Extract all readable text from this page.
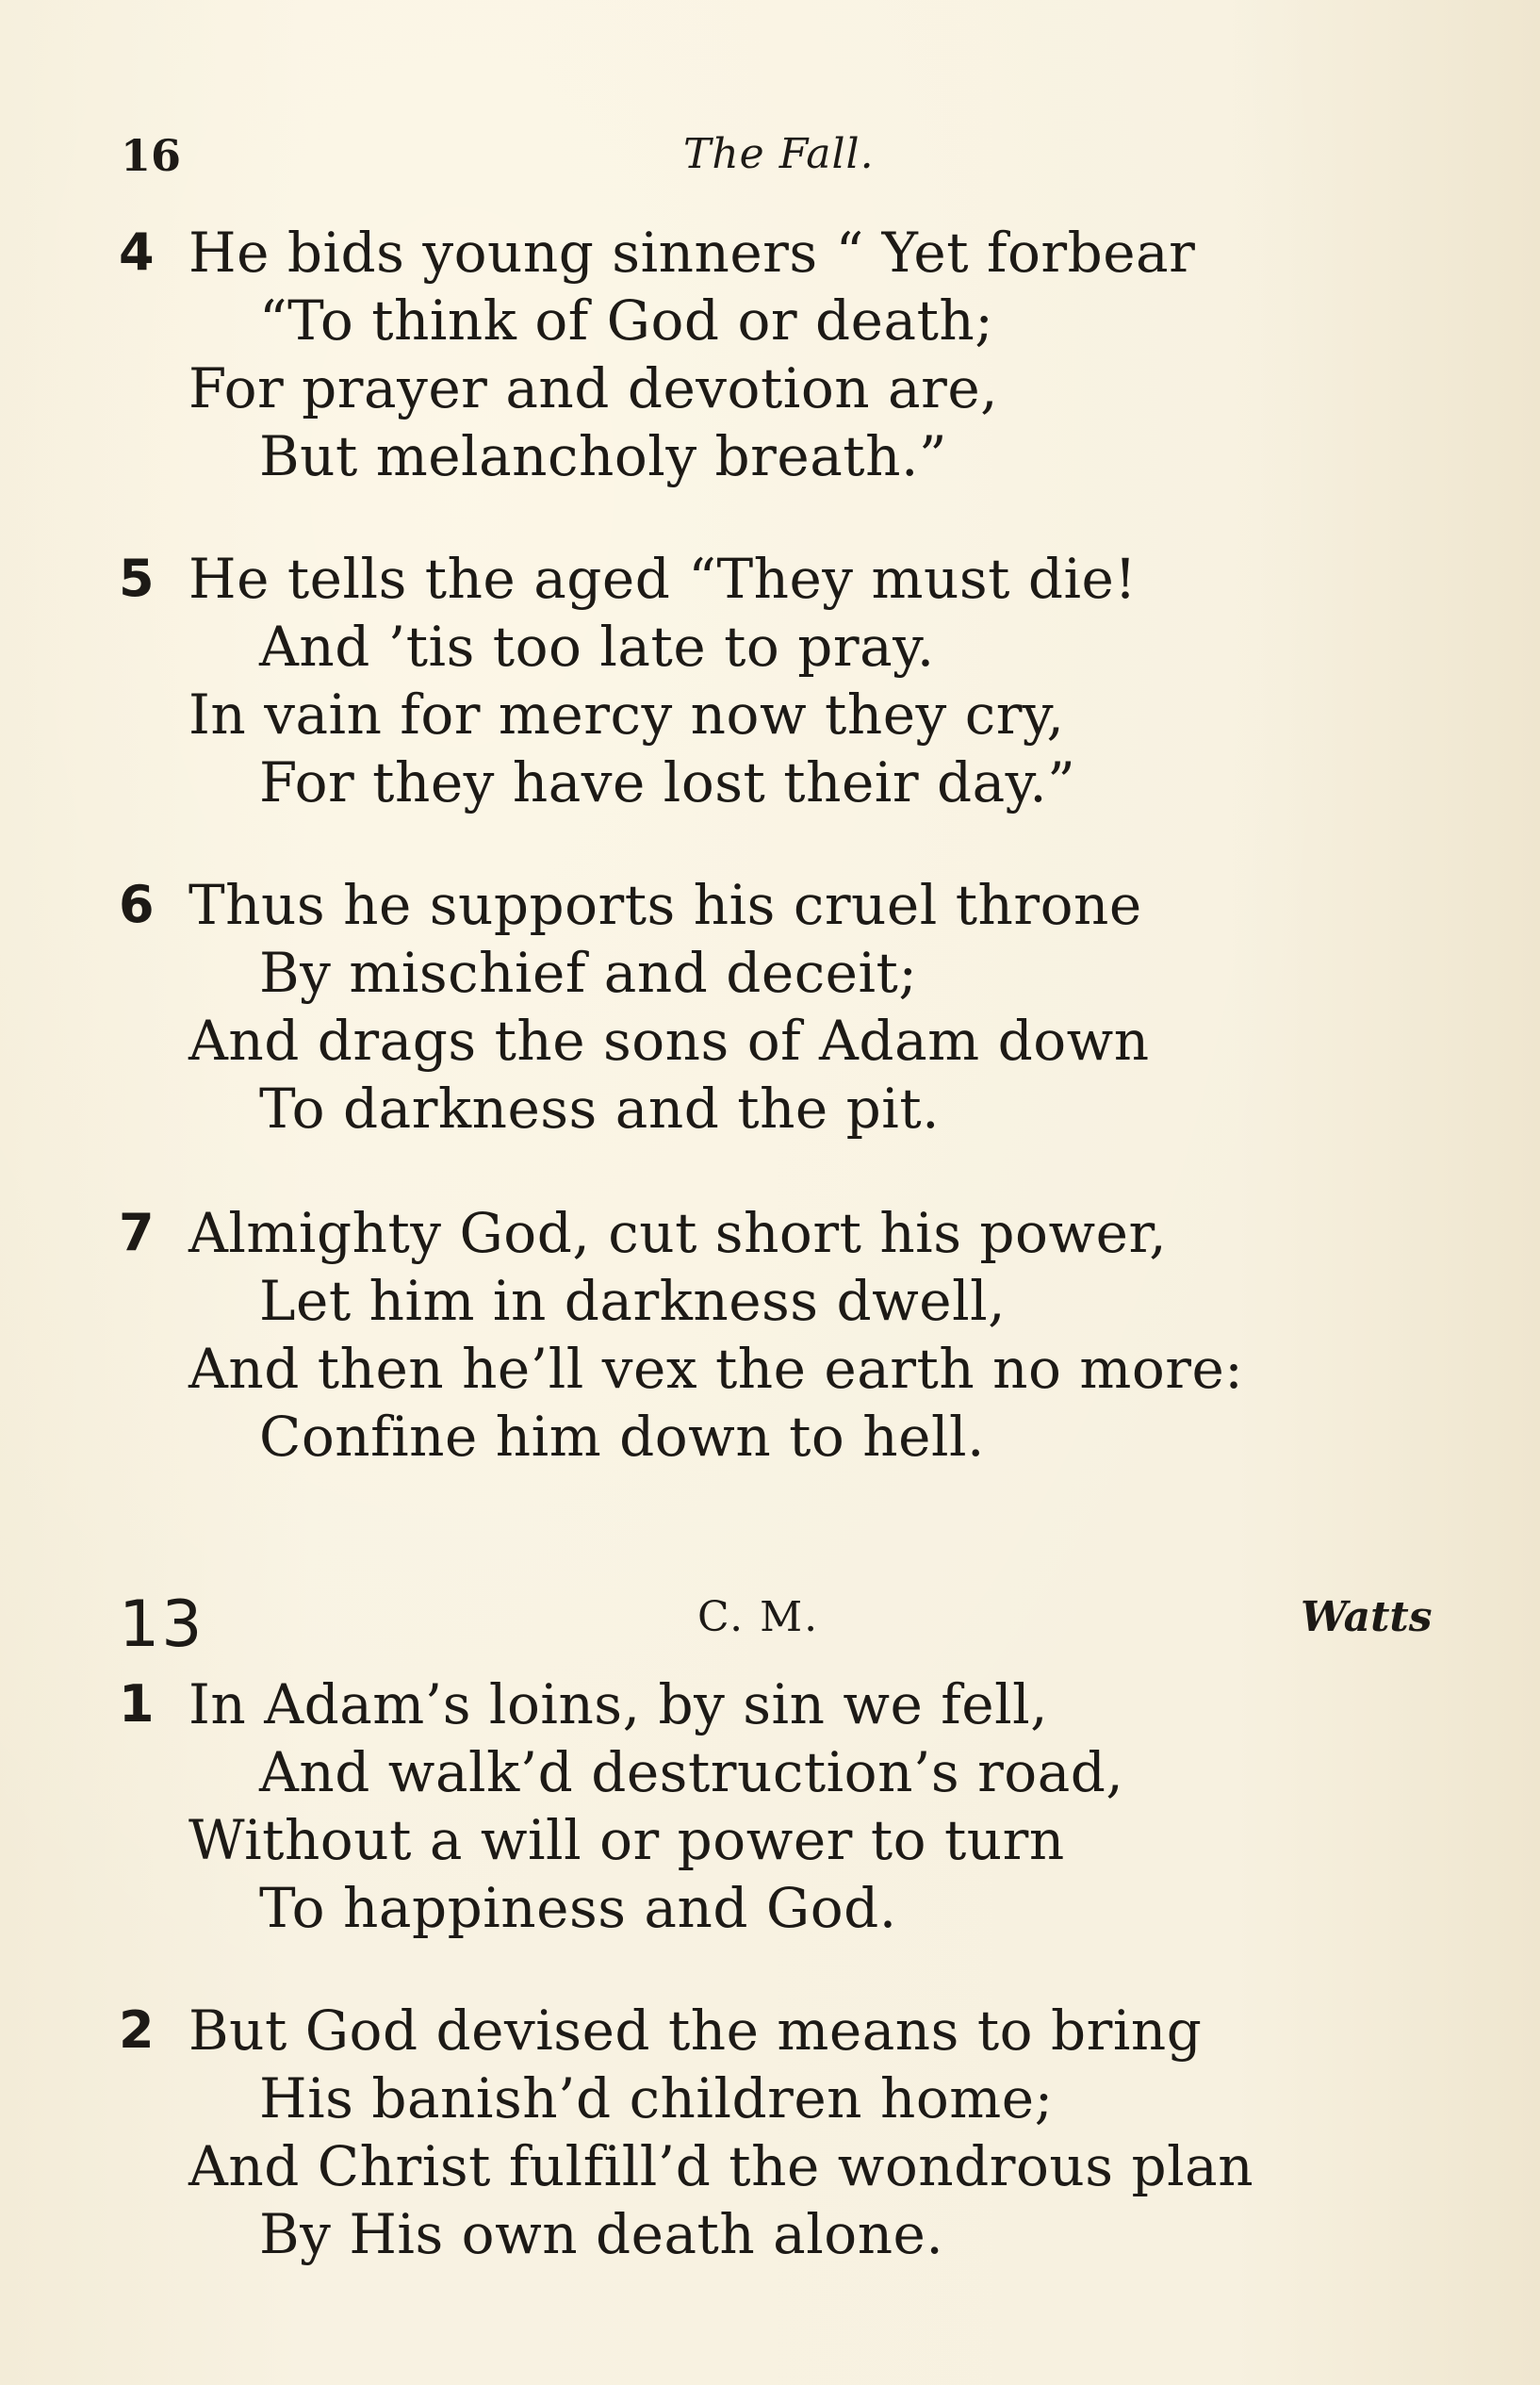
16	The Fall.
4 He bids young sinners “ Yet forbear
“To think of God or death;
For prayer and devotion are,
But melancholy breath.”
5 He tells the aged “They must die!
And ’tis too late to pray.
In vain for mercy now they cry,
For they have lost their day.”
6 Thus he supports his cruel throne
By mischief and deceit;
And drags the sons of Adam down
To darkness and the pit.
7 Almighty God, cut short his power,
Let him in darkness dwell,
And then he’ll vex the earth no more:
Confine him down to hell.
13	C. M.	Watts
1 In Adam’s loins, by sin we fell,
And walk’d destruction’s road,
Without a will or power to turn
To happiness and God.
2 But God devised the means to bring
His banish’d children home;
And Christ fulfill’d the wondrous plan
By His own death alone.
